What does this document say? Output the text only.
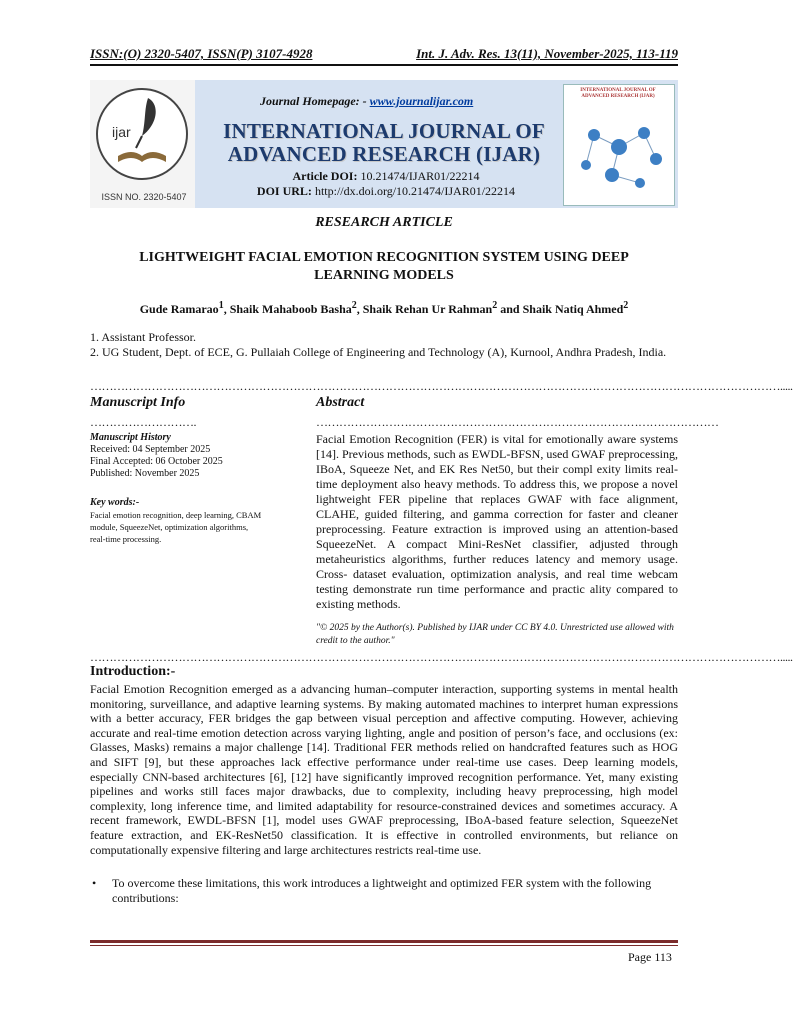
ISSN:(O) 2320-5407, ISSN(P) 3107-4928	Int. J. Adv. Res. 13(11), November-2025, 113-119
ijar
ISSN NO. 2320-5407
Journal Homepage: - www.journalijar.com
INTERNATIONAL JOURNAL OF
ADVANCED RESEARCH (IJAR)
Article DOI: 10.21474/IJAR01/22214
DOI URL: http://dx.doi.org/10.21474/IJAR01/22214
INTERNATIONAL JOURNAL OF ADVANCED RESEARCH (IJAR)
RESEARCH ARTICLE
LIGHTWEIGHT FACIAL EMOTION RECOGNITION SYSTEM USING DEEP LEARNING MODELS
Gude Ramarao$^1$, Shaik Mahaboob Basha$^2$, Shaik Rehan Ur Rahman$^2$ and Shaik Natiq Ahmed$^2$
1. Assistant Professor.
2. UG Student, Dept. of ECE, G. Pullaiah College of Engineering and Technology (A), Kurnool, Andhra Pradesh, India.
……………………………………………………………………………………………………………………………………………………………….....
Manuscript Info
……………………….
Manuscript History
Received: 04 September 2025
Final Accepted: 06 October 2025
Published: November 2025
Key words:-
Facial emotion recognition, deep learning, CBAM module, SqueezeNet, optimization algorithms, real-time processing.
Abstract
……………………………………………………………………………………………
Facial Emotion Recognition (FER) is vital for emotionally aware systems [14]. Previous methods, such as EWDL-BFSN, used GWAF preprocessing, IBoA, Squeeze Net, and EK Res Net50, but their compl exity limits real-time deployment also heavy methods. To address this, we propose a novel lightweight FER pipeline that replaces GWAF with face alignment, CLAHE, guided filtering, and gamma correction for faster and cleaner preprocessing. Feature extraction is improved using an attention-based SqueezeNet. A compact Mini-ResNet classifier, adjusted through metaheuristics algorithms, further reduces latency and memory usage. Cross- dataset evaluation, optimization analysis, and real time webcam testing demonstrate run time performance and practic ality compared to existing methods.
"© 2025 by the Author(s). Published by IJAR under CC BY 4.0. Unrestricted use allowed with credit to the author."
……………………………………………………………………………………………………………………………………………………………….....
Introduction:-
Facial Emotion Recognition emerged as a advancing human–computer interaction, supporting systems in mental health monitoring, surveillance, and adaptive learning systems. By making automated machines to interpret human expressions with a better accuracy, FER bridges the gap between visual perception and affective computing. However, achieving accurate and real-time emotion detection across varying lighting, angle and position of person’s face, and occlusions (ex: Glasses, Masks) remains a major challenge [14]. Traditional FER methods relied on handcrafted features such as HOG and SIFT [9], but these approaches lack effective performance under real-time use cases. Deep learning models, especially CNN-based architectures [6], [12] have significantly improved recognition performance. Yet, many existing pipelines and works still faces major drawbacks, due to complexity, including heavy preprocessing, high model complexity, long inference time, and limited adaptability for resource-constrained devices and sometimes accuracy. A recent framework, EWDL-BFSN [1], model uses GWAF preprocessing, IBoA-based feature selection, SqueezeNet feature extraction, and EK-ResNet50 classification. It is effective in controlled environments, but reliance on computationally expensive filtering and large architectures restricts real-time use.
• To overcome these limitations, this work introduces a lightweight and optimized FER system with the following contributions:
Page 113
